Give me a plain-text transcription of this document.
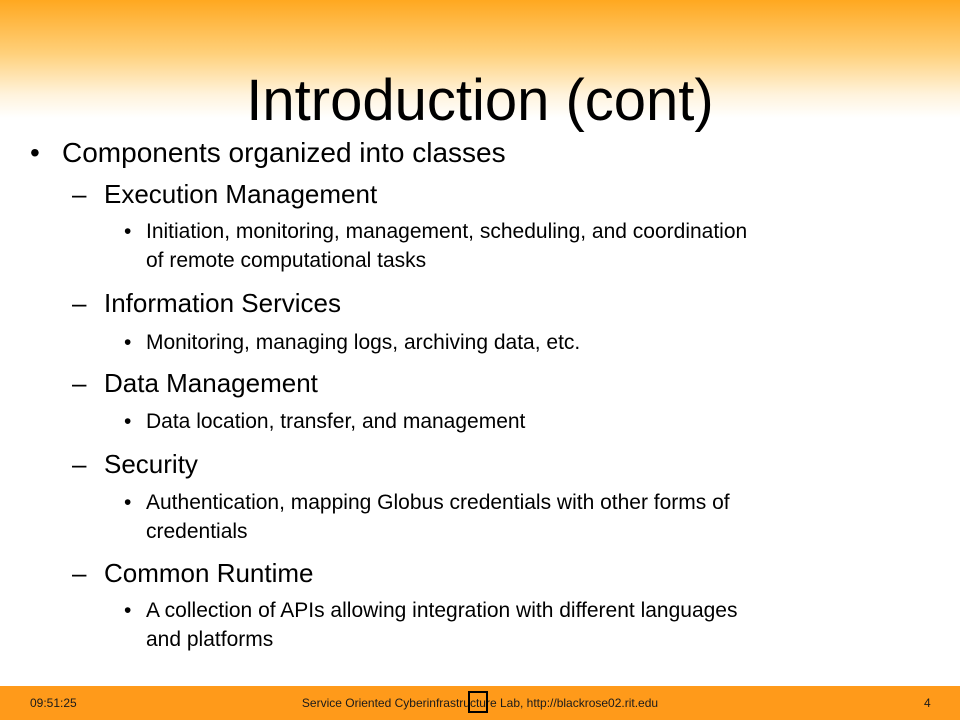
Introduction (cont)
• Components organized into classes

– Execution Management

• Initiation, monitoring, management, scheduling, and coordination

of remote computational tasks

– Information Services

• Monitoring, managing logs, archiving data, etc.

– Data Management

• Data location, transfer, and management

– Security

• Authentication, mapping Globus credentials with other forms of

credentials

– Common Runtime

• A collection of APIs allowing integration with different languages

and platforms

09:51:25	Service Oriented Cyberinfrastructure Lab, http://blackrose02.rit.edu	4
